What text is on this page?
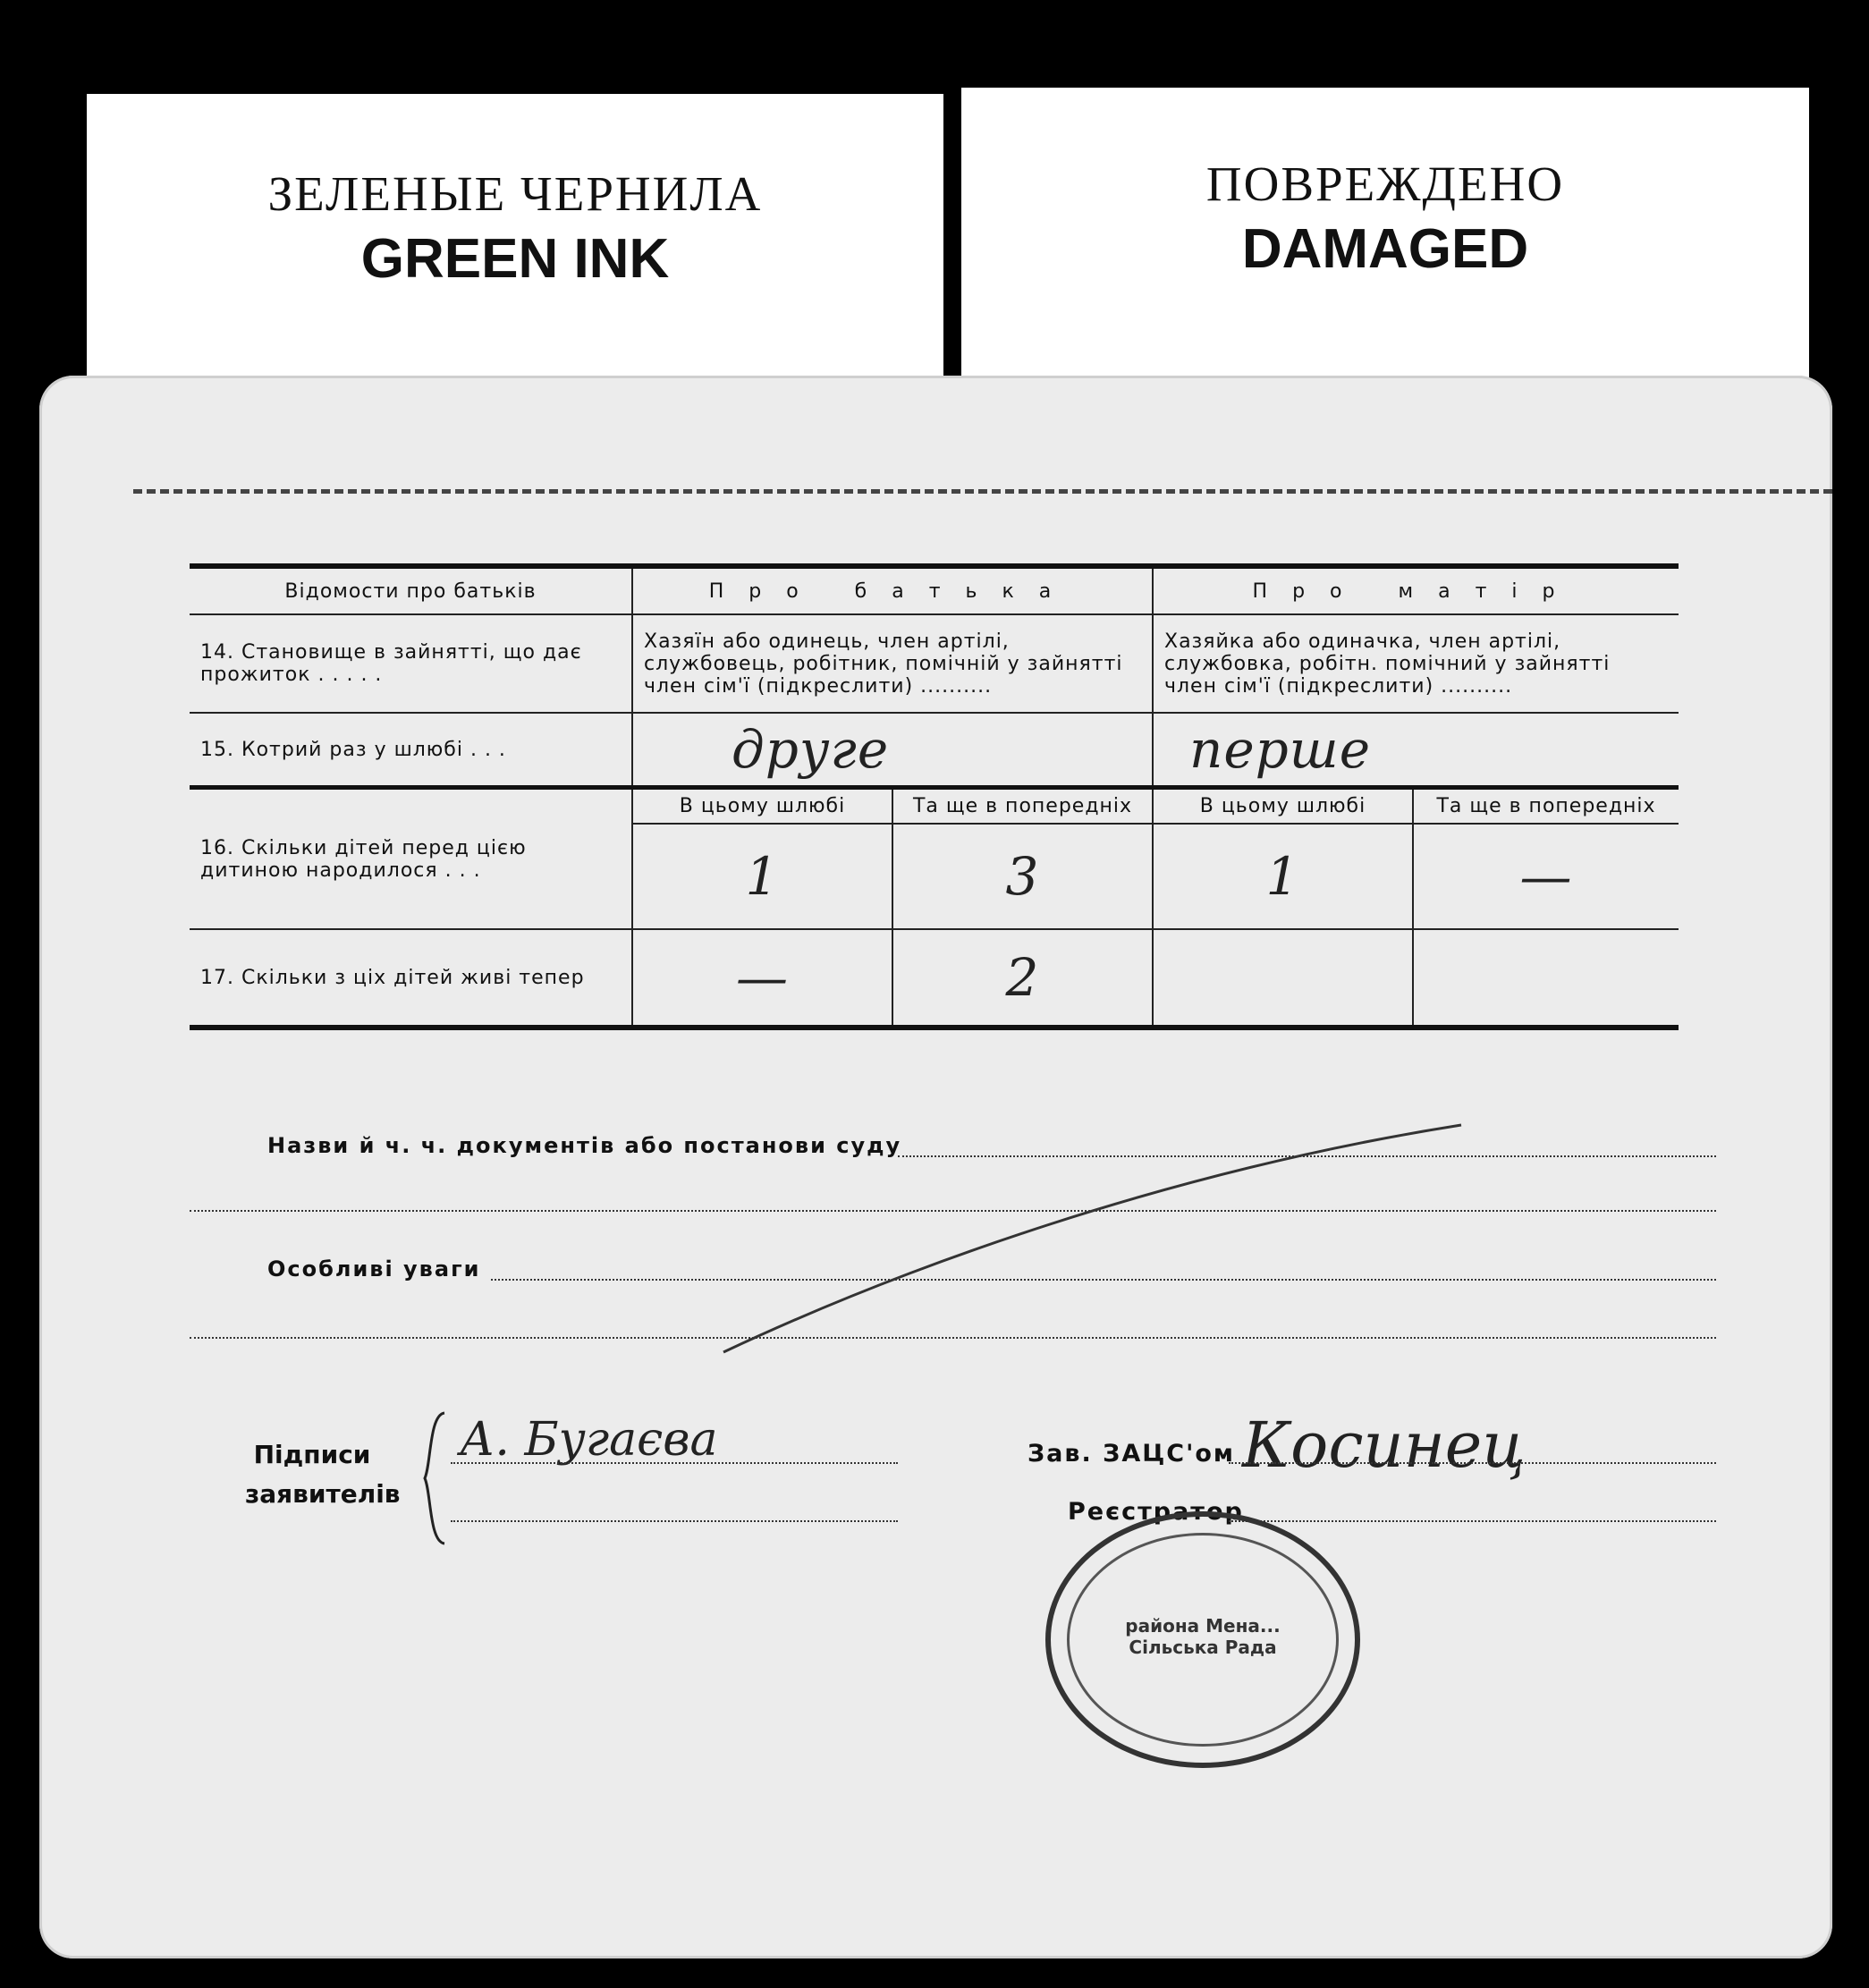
ЗЕЛЕНЫЕ ЧЕРНИЛА
GREEN INK
ПОВРЕЖДЕНО
DAMAGED
Відомости про батьків	Про батька		Про матір	
14. Становище в зайнятті, що дає прожиток . . . . .	Хазяїн або одинець, член артілі, службовець, робітник, помічній у зайнятті член сім'ї (підкреслити) ..........		Хазяйка або одиначка, член артілі, службовка, робітн. помічний у зайнятті член сім'ї (підкреслити) ..........	
15. Котрий раз у шлюбі . . .	друге		перше	
16. Скільки дітей перед цією дитиною народилося . . .	В цьому шлюбі	Та ще в попередніх	В цьому шлюбі	Та ще в попередніх
	1	3	1	—
17. Скільки з ціх дітей живі тепер	—	2		
Назви й ч. ч. документів або постанови суду
Особливі уваги
Підписи заявителів
А. Бугаєва	Зав. ЗАЦС'ом Косинец
Реєстратор
района Мена... Сільська Рада
